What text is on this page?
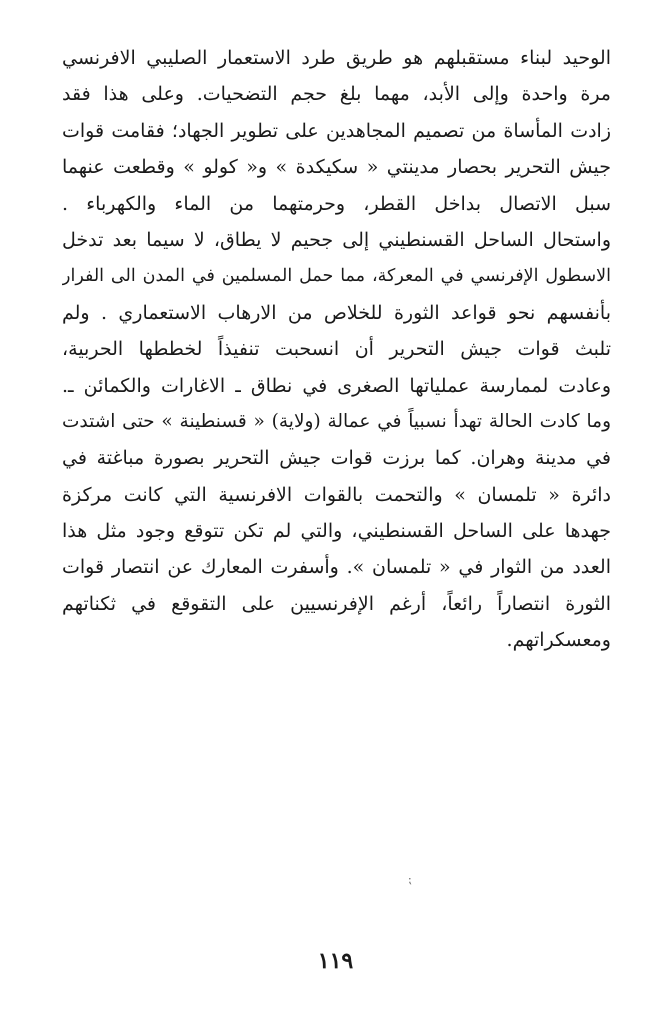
الوحيد لبناء مستقبلهم هو طريق طرد الاستعمار الصليبي الافرنسي
مرة واحدة وإلى الأبد، مهما بلغ حجم التضحيات. وعلى هذا فقد
زادت المأساة من تصميم المجاهدين على تطوير الجهاد؛ فقامت قوات
جيش التحرير بحصار مدينتي « سكيكدة » و« كولو » وقطعت عنهما
سبل الاتصال بداخل القطر، وحرمتهما من الماء والكهرباء .
واستحال الساحل القسنطيني إلى جحيم لا يطاق، لا سيما بعد تدخل
الاسطول الإفرنسي في المعركة، مما حمل المسلمين في المدن الى الفرار
بأنفسهم نحو قواعد الثورة للخلاص من الارهاب الاستعماري . ولم
تلبث قوات جيش التحرير أن انسحبت تنفيذاً لخططها الحربية،
وعادت لممارسة عملياتها الصغرى في نطاق ـ الاغارات والكمائن ـ.
وما كادت الحالة تهدأ نسبياً في عمالة (ولاية) « قسنطينة » حتى اشتدت
في مدينة وهران. كما برزت قوات جيش التحرير بصورة مباغتة في
دائرة « تلمسان » والتحمت بالقوات الافرنسية التي كانت مركزة
جهدها على الساحل القسنطيني، والتي لم تكن تتوقع وجود مثل هذا
العدد من الثوار في « تلمسان ». وأسفرت المعارك عن انتصار قوات
الثورة انتصاراً رائعاً، أرغم الإفرنسيين على التقوقع في ثكناتهم
ومعسكراتهم.
⁏
١١٩
